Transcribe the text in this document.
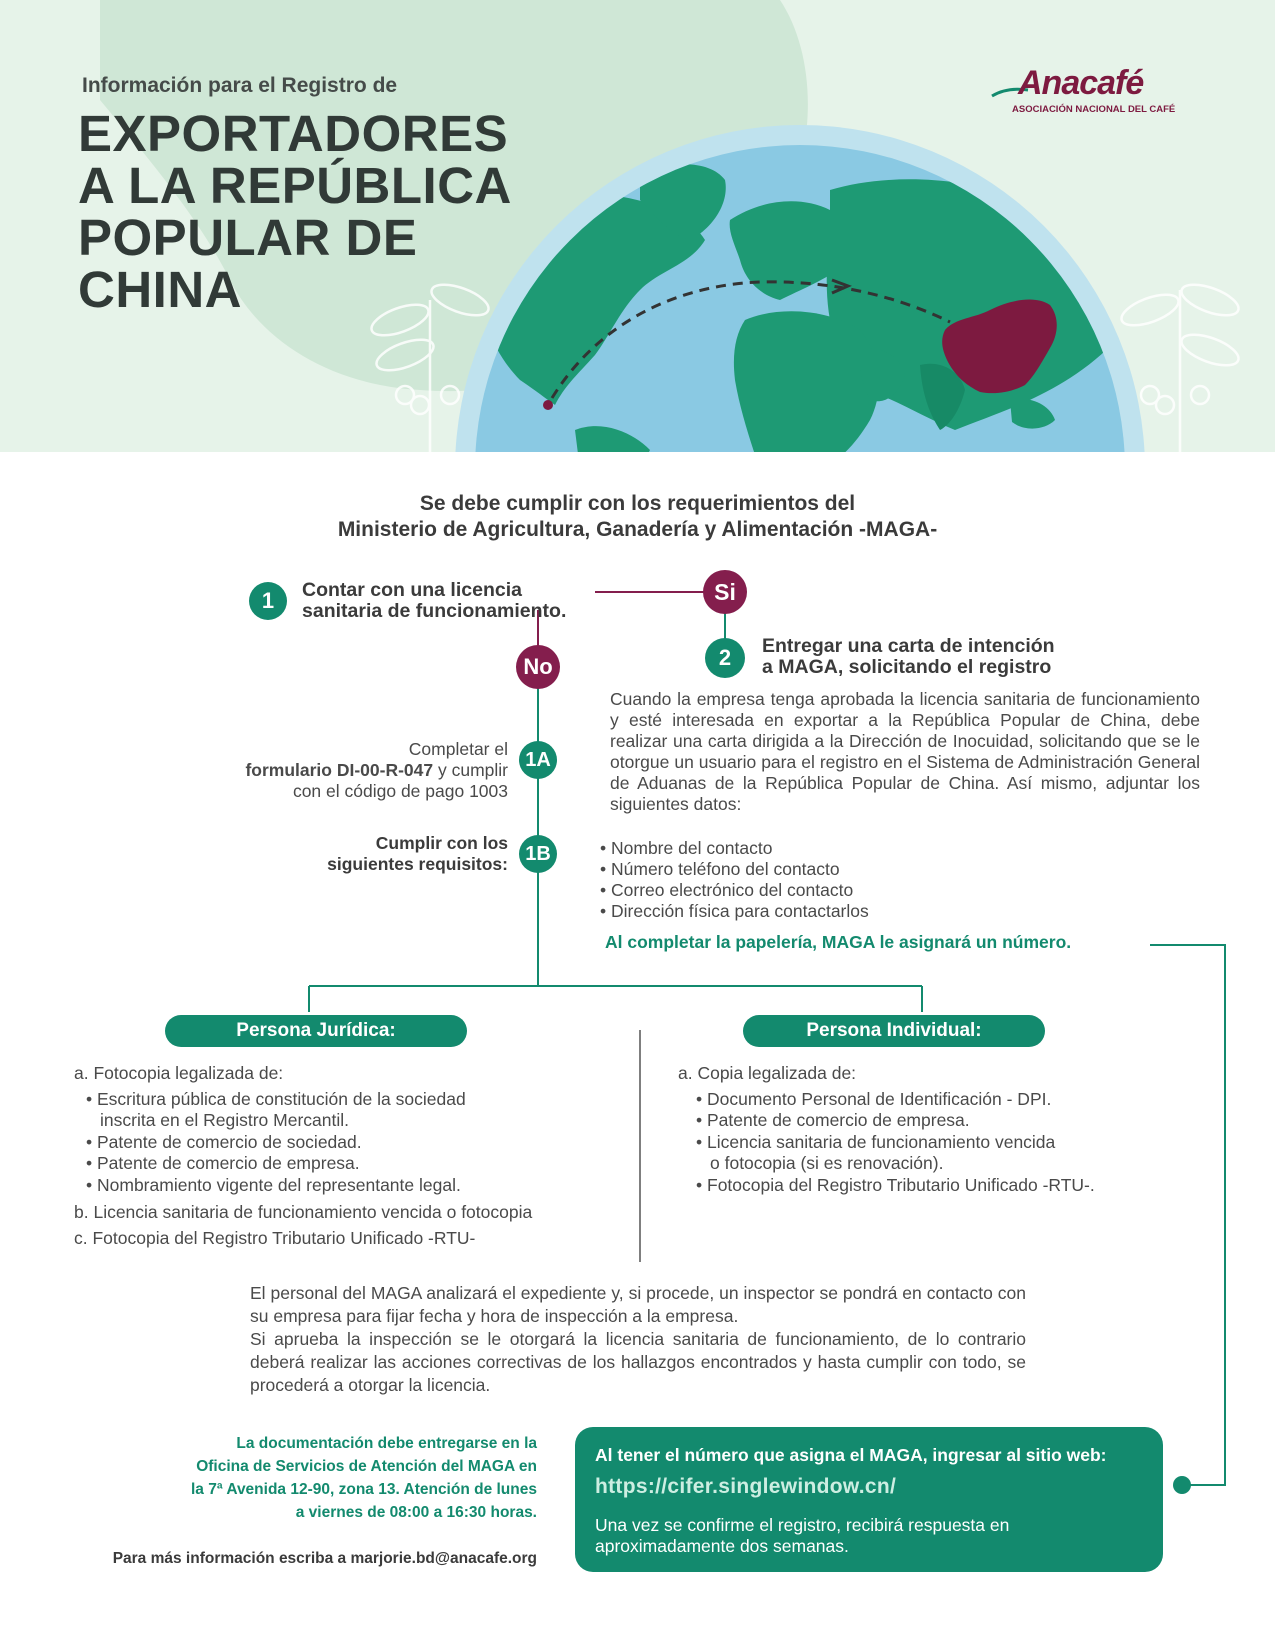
Información para el Registro de
EXPORTADORES
A LA REPÚBLICA
POPULAR DE
CHINA
Anacafé
ASOCIACIÓN NACIONAL DEL CAFÉ
Se debe cumplir con los requerimientos del
Ministerio de Agricultura, Ganadería y Alimentación -MAGA-
1	Contar con una licencia
sanitaria de funcionamiento.
Si
No	2	Entregar una carta de intención
a MAGA, solicitando el registro
Cuando la empresa tenga aprobada la licencia sanitaria de funcionamiento y esté interesada en exportar a la República Popular de China, debe realizar una carta dirigida a la Dirección de Inocuidad, solicitando que se le otorgue un usuario para el registro en el Sistema de Administración General de Aduanas de la República Popular de China. Así mismo, adjuntar los siguientes datos:
• Nombre del contacto
• Número teléfono del contacto
• Correo electrónico del contacto
• Dirección física para contactarlos
Al completar la papelería, MAGA le asignará un número.
1A
Completar el
formulario DI-00-R-047 y cumplir
con el código de pago 1003
1B
Cumplir con los
siguientes requisitos:
Persona Jurídica:
a. Fotocopia legalizada de:
• Escritura pública de constitución de la sociedad
inscrita en el Registro Mercantil.
• Patente de comercio de sociedad.
• Patente de comercio de empresa.
• Nombramiento vigente del representante legal.
b. Licencia sanitaria de funcionamiento vencida o fotocopia
c. Fotocopia del Registro Tributario Unificado -RTU-
Persona Individual:
a. Copia legalizada de:
• Documento Personal de Identificación - DPI.
• Patente de comercio de empresa.
• Licencia sanitaria de funcionamiento vencida
o fotocopia (si es renovación).
• Fotocopia del Registro Tributario Unificado -RTU-.
El personal del MAGA analizará el expediente y, si procede, un inspector se pondrá en contacto con su empresa para fijar fecha y hora de inspección a la empresa.
Si aprueba la inspección se le otorgará la licencia sanitaria de funcionamiento, de lo contrario deberá realizar las acciones correctivas de los hallazgos encontrados y hasta cumplir con todo, se procederá a otorgar la licencia.
La documentación debe entregarse en la
Oficina de Servicios de Atención del MAGA en
la 7ª Avenida 12-90, zona 13. Atención de lunes
a viernes de 08:00 a 16:30 horas.
Para más información escriba a marjorie.bd@anacafe.org
Al tener el número que asigna el MAGA, ingresar al sitio web:
https://cifer.singlewindow.cn/
Una vez se confirme el registro, recibirá respuesta en
aproximadamente dos semanas.
